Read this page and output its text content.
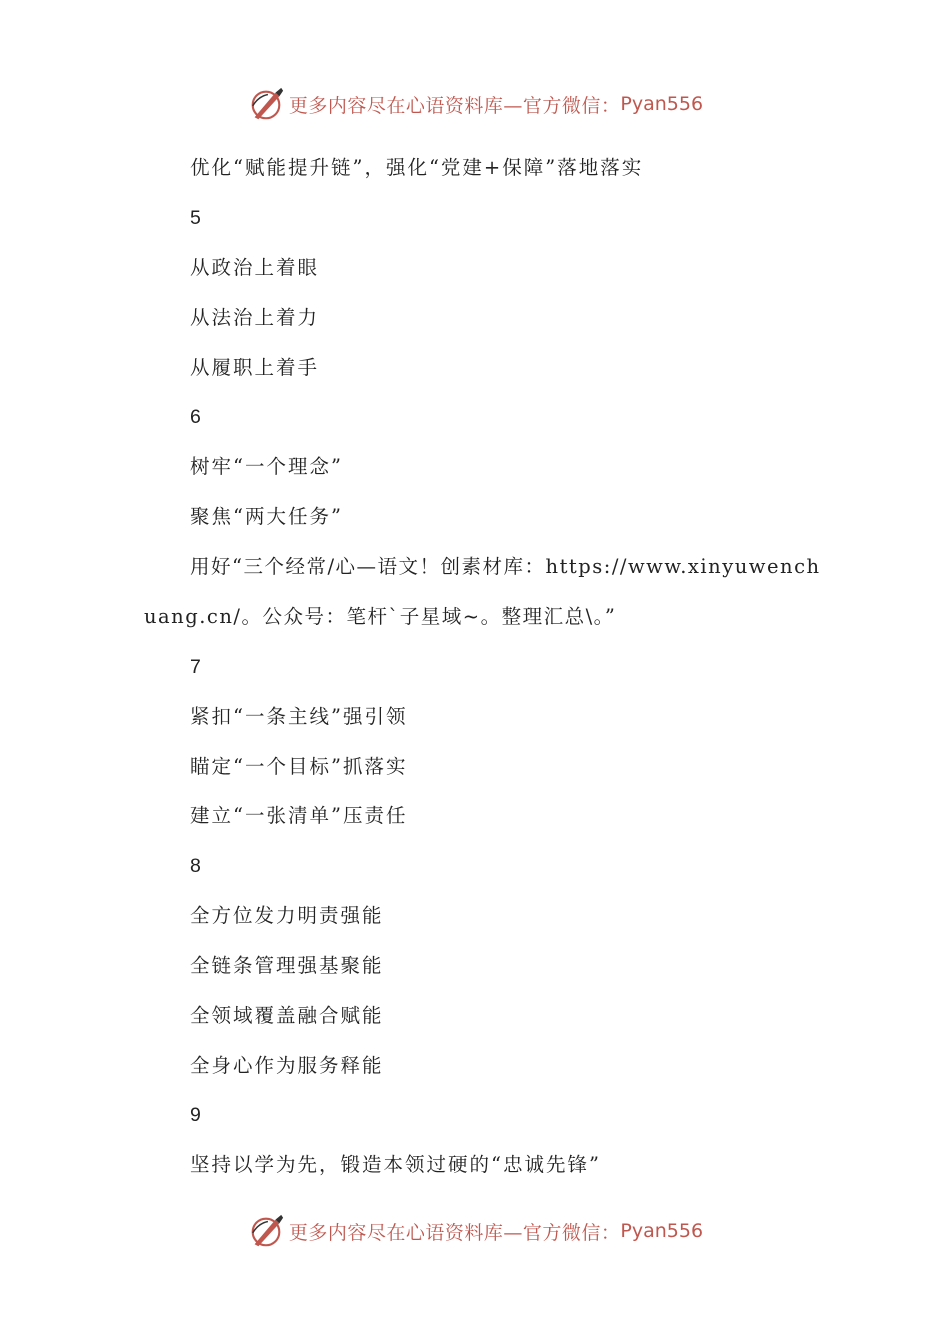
更多内容尽在心语资料库—官方微信： Pyan556
优化“赋能提升链”，强化“党建+保障”落地落实
5
从政治上着眼
从法治上着力
从履职上着手
6
树牢“一个理念”
聚焦“两大任务”
用好“三个经常/心—语文！创素材库：https://www.xinyuwench
uang.cn/。公众号：笔杆`子星域~。整理汇总\。”
7
紧扣“一条主线”强引领
瞄定“一个目标”抓落实
建立“一张清单”压责任
8
全方位发力明责强能
全链条管理强基聚能
全领域覆盖融合赋能
全身心作为服务释能
9
坚持以学为先，锻造本领过硬的“忠诚先锋”
更多内容尽在心语资料库—官方微信： Pyan556
